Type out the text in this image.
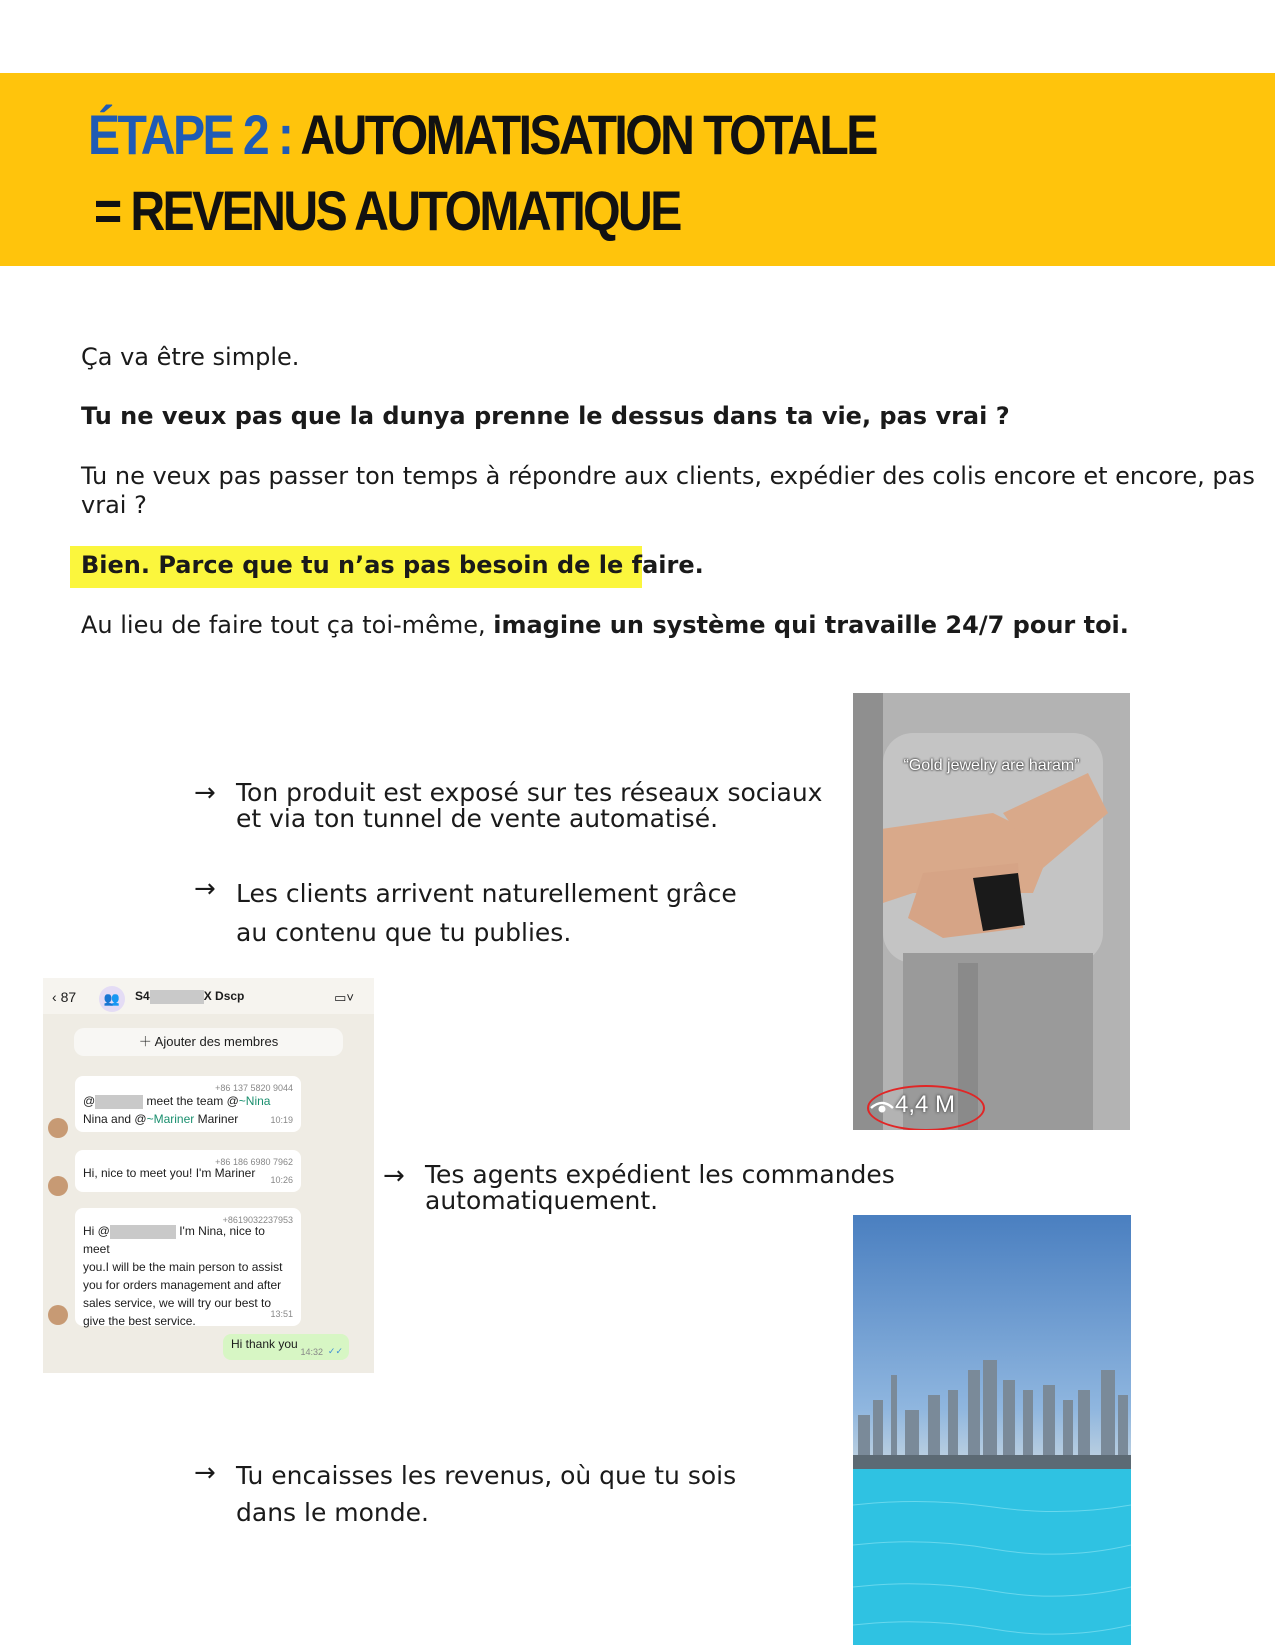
ÉTAPE 2 : AUTOMATISATION TOTALE
= REVENUS AUTOMATIQUE

Ça va être simple.

Tu ne veux pas que la dunya prenne le dessus dans ta vie, pas vrai ?

Tu ne veux pas passer ton temps à répondre aux clients, expédier des colis encore et encore, pas

vrai ?

Bien. Parce que tu n’as pas besoin de le faire.

Au lieu de faire tout ça toi-même, imagine un système qui travaille 24/7 pour toi.

→ Ton produit est exposé sur tes réseaux sociaux
et via ton tunnel de vente automatisé.
→ Les clients arrivent naturellement grâce
au contenu que tu publies.
→ Tes agents expédient les commandes
automatiquement.
→ Tu encaisses les revenus, où que tu sois
dans le monde.
“Gold jewelry are haram”
4,4 M
‹ 87	👥	S4	X Dscp	▭˅
＋ Ajouter des membres
+86 137 5820 9044
@	meet the team @~Nina
Nina and @~Mariner Mariner	10:19
+86 186 6980 7962
Hi, nice to meet you! I'm Mariner	10:26
+8619032237953
Hi @	I'm Nina, nice to meet
you.I will be the main person to assist
you for orders management and after
sales service, we will try our best to
give the best service.	13:51
Hi thank you
14:32 ✓✓
